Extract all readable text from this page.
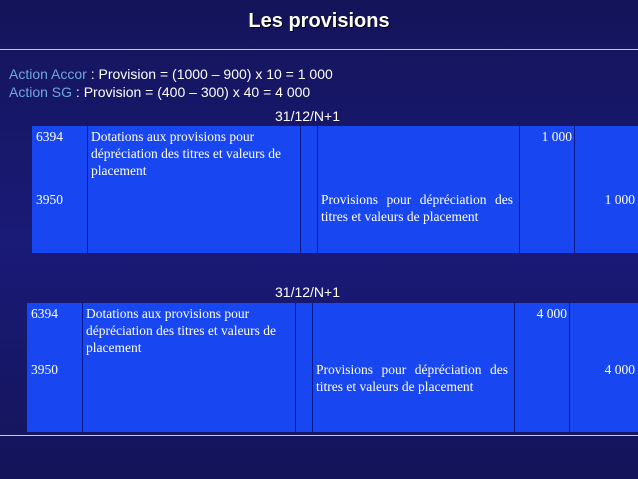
Les provisions
Action Accor : Provision = (1000 – 900) x 10 = 1 000
Action SG : Provision = (400 – 300) x 40 = 4 000
31/12/N+1
6394
3950
Dotations aux provisions pour dépréciation des titres et valeurs de placement
Provisions pour dépréciation des titres et valeurs de placement
1 000
1 000
31/12/N+1
6394
3950
Dotations aux provisions pour dépréciation des titres et valeurs de placement
Provisions pour dépréciation des titres et valeurs de placement
4 000
4 000
